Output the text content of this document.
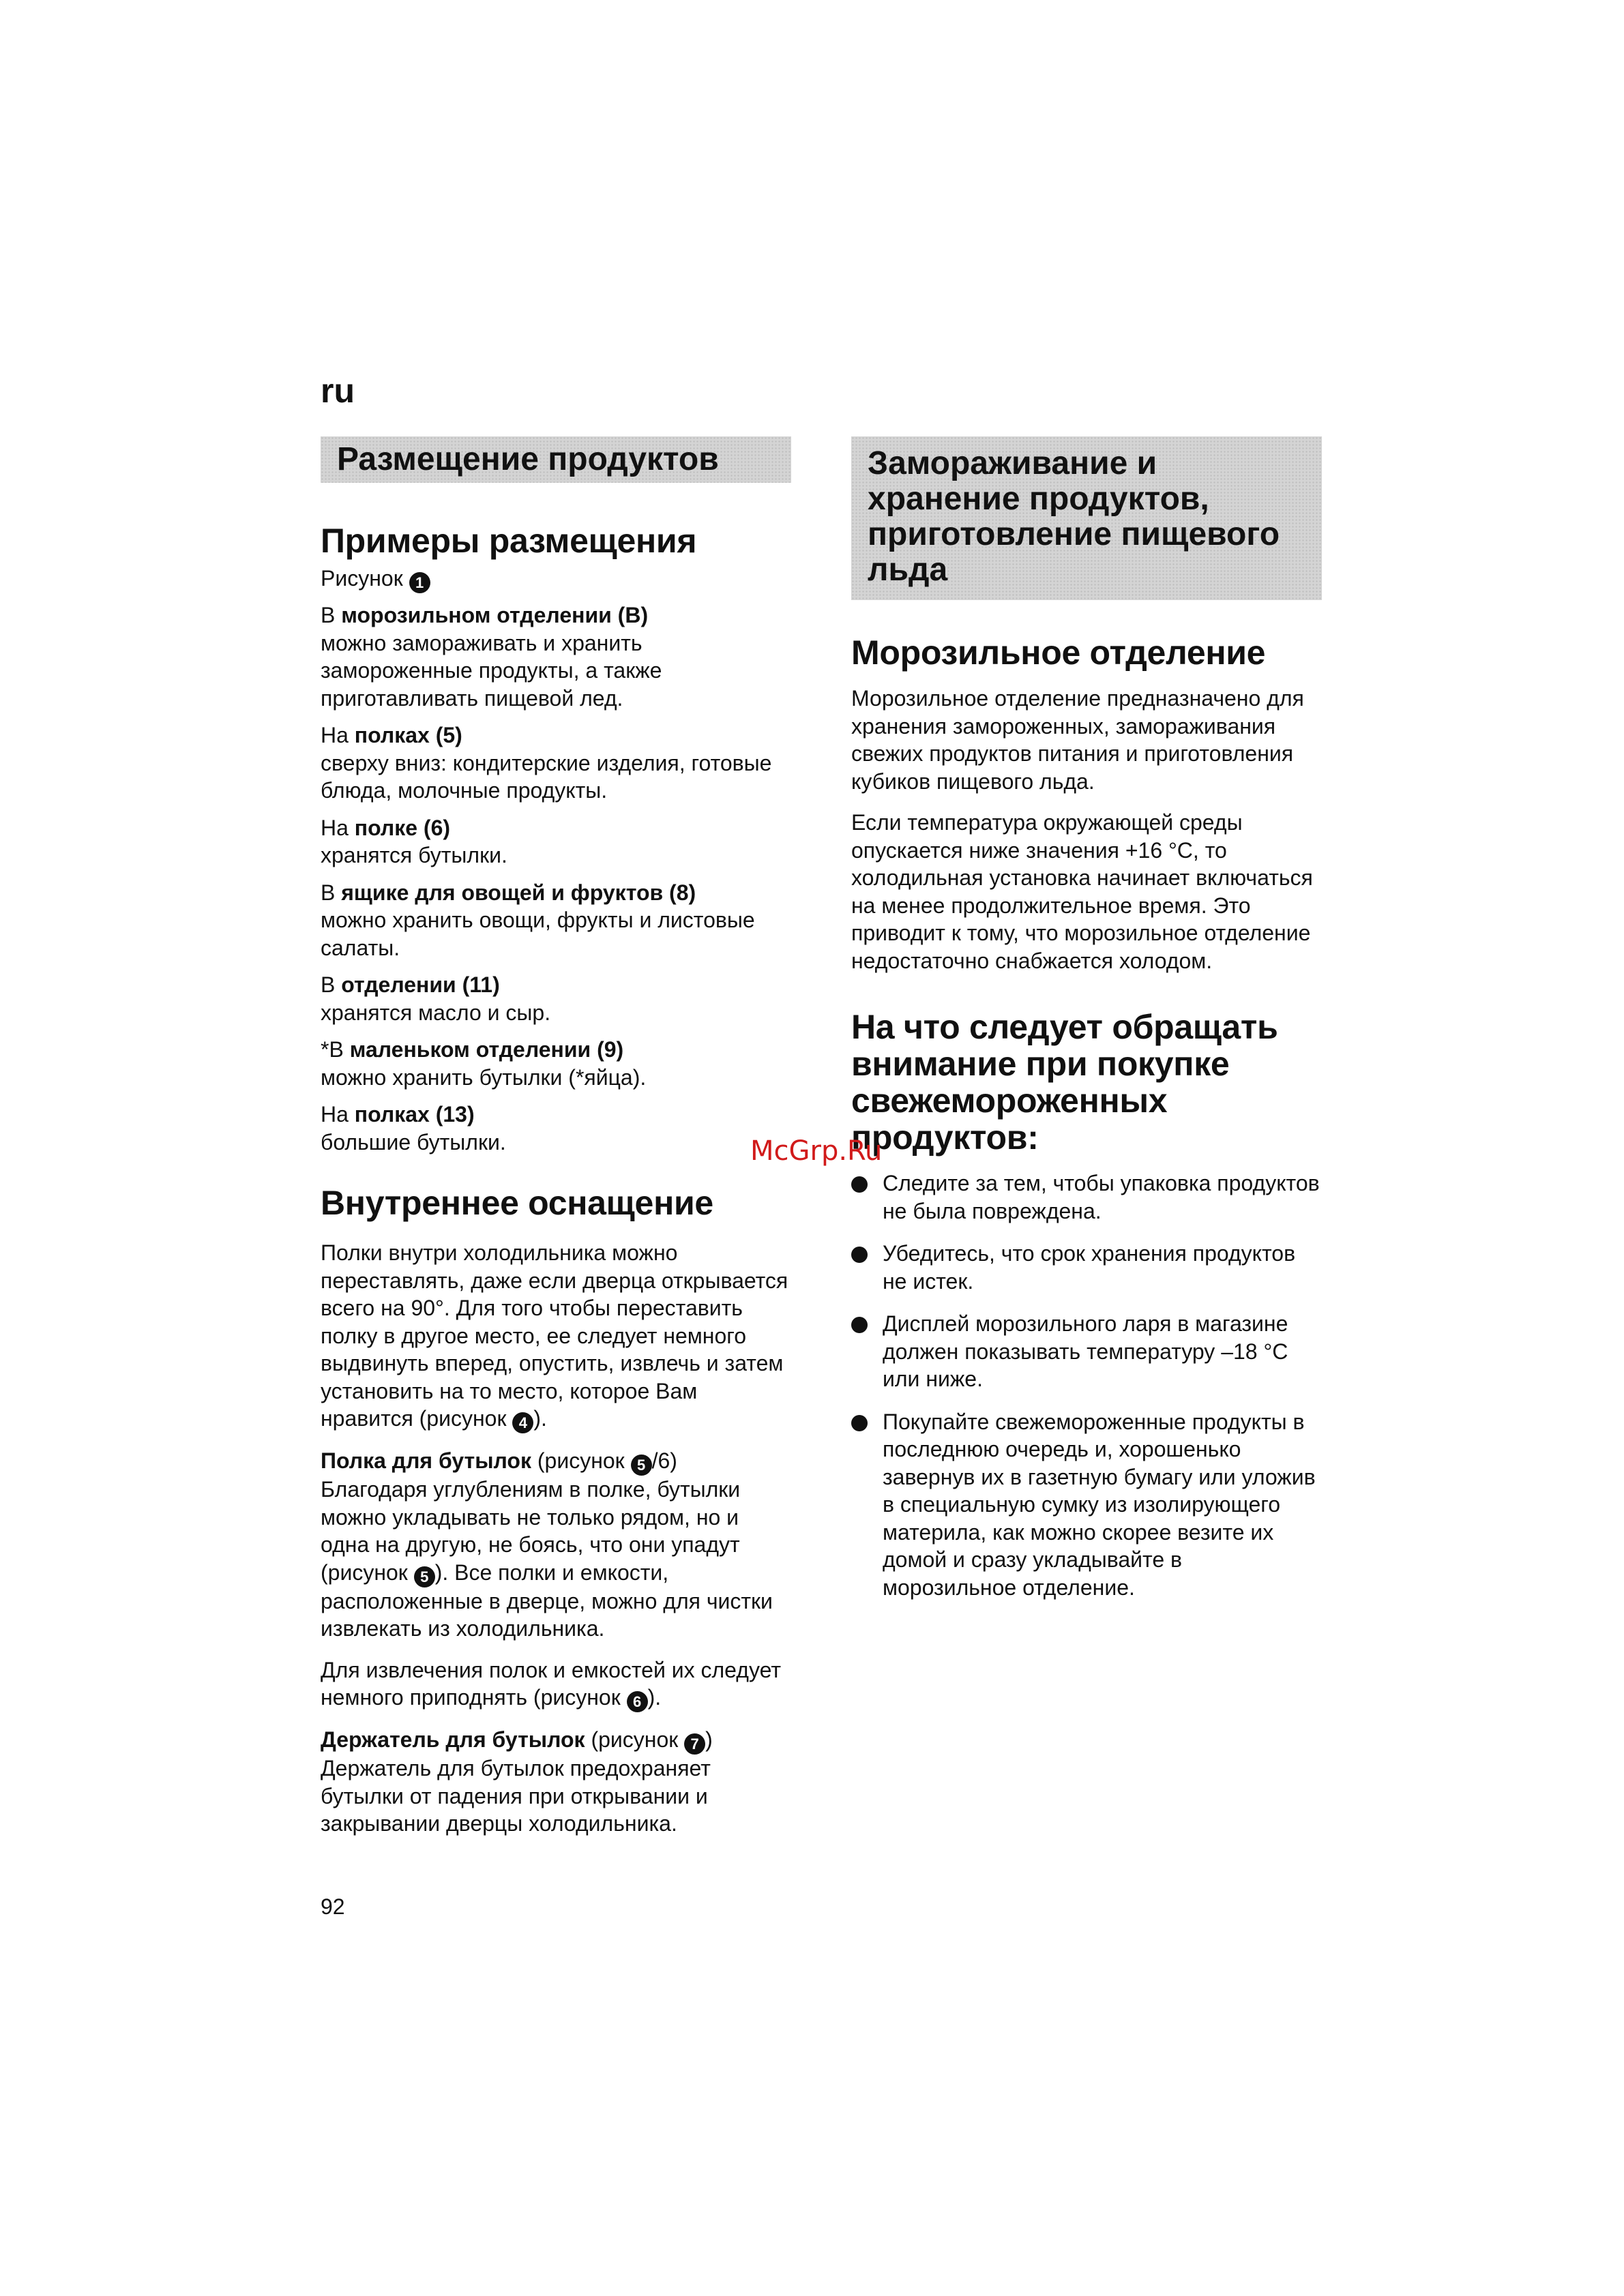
ru
Размещение продуктов
Примеры размещения

Рисунок 1

В морозильном отделении (B)
можно замораживать и хранить замороженные продукты, а также приготавливать пищевой лед.

На полках (5)
сверху вниз: кондитерские изделия, готовые блюда, молочные продукты.

На полке (6)
хранятся бутылки.

В ящике для овощей и фруктов (8)
можно хранить овощи, фрукты и листовые салаты.

В отделении (11)
хранятся масло и сыр.

*В маленьком отделении (9)
можно хранить бутылки (*яйца).

На полках (13)
большие бутылки.

Внутреннее оснащение

Полки внутри холодильника можно переставлять, даже если дверца открывается всего на 90°. Для того чтобы переставить полку в другое место, ее следует немного выдвинуть вперед, опустить, извлечь и затем установить на то место, которое Вам нравится (рисунок 4 ).

Полка для бутылок (рисунок 5 /6)
Благодаря углублениям в полке, бутылки можно укладывать не только рядом, но и одна на другую, не боясь, что они упадут (рисунок 5 ). Все полки и емкости, расположенные в дверце, можно для чистки извлекать из холодильника.

Для извлечения полок и емкостей их следует немного приподнять (рисунок 6 ).

Держатель для бутылок (рисунок 7 )
Держатель для бутылок предохраняет бутылки от падения при открывании и закрывании дверцы холодильника.

Замораживание и хранение продуктов, приготовление пищевого льда
Морозильное отделение

Морозильное отделение предназначено для хранения замороженных, замораживания свежих продуктов питания и приготовления кубиков пищевого льда.

Если температура окружающей среды опускается ниже значения +16 °C, то холодильная установка начинает включаться на менее продолжительное время. Это приводит к тому, что морозильное отделение недостаточно снабжается холодом.

На что следует обращать внимание при покупке свежемороженных продуктов:
Следите за тем, чтобы упаковка продуктов не была повреждена.
Убедитесь, что срок хранения продуктов не истек.
Дисплей морозильного ларя в магазине должен показывать температуру –18 °C или ниже.
Покупайте свежемороженные продукты в последнюю очередь и, хорошенько завернув их в газетную бумагу или уложив в специальную сумку из изолирующего материла, как можно скорее везите их домой и сразу укладывайте в морозильное отделение.
McGrp.Ru
92
